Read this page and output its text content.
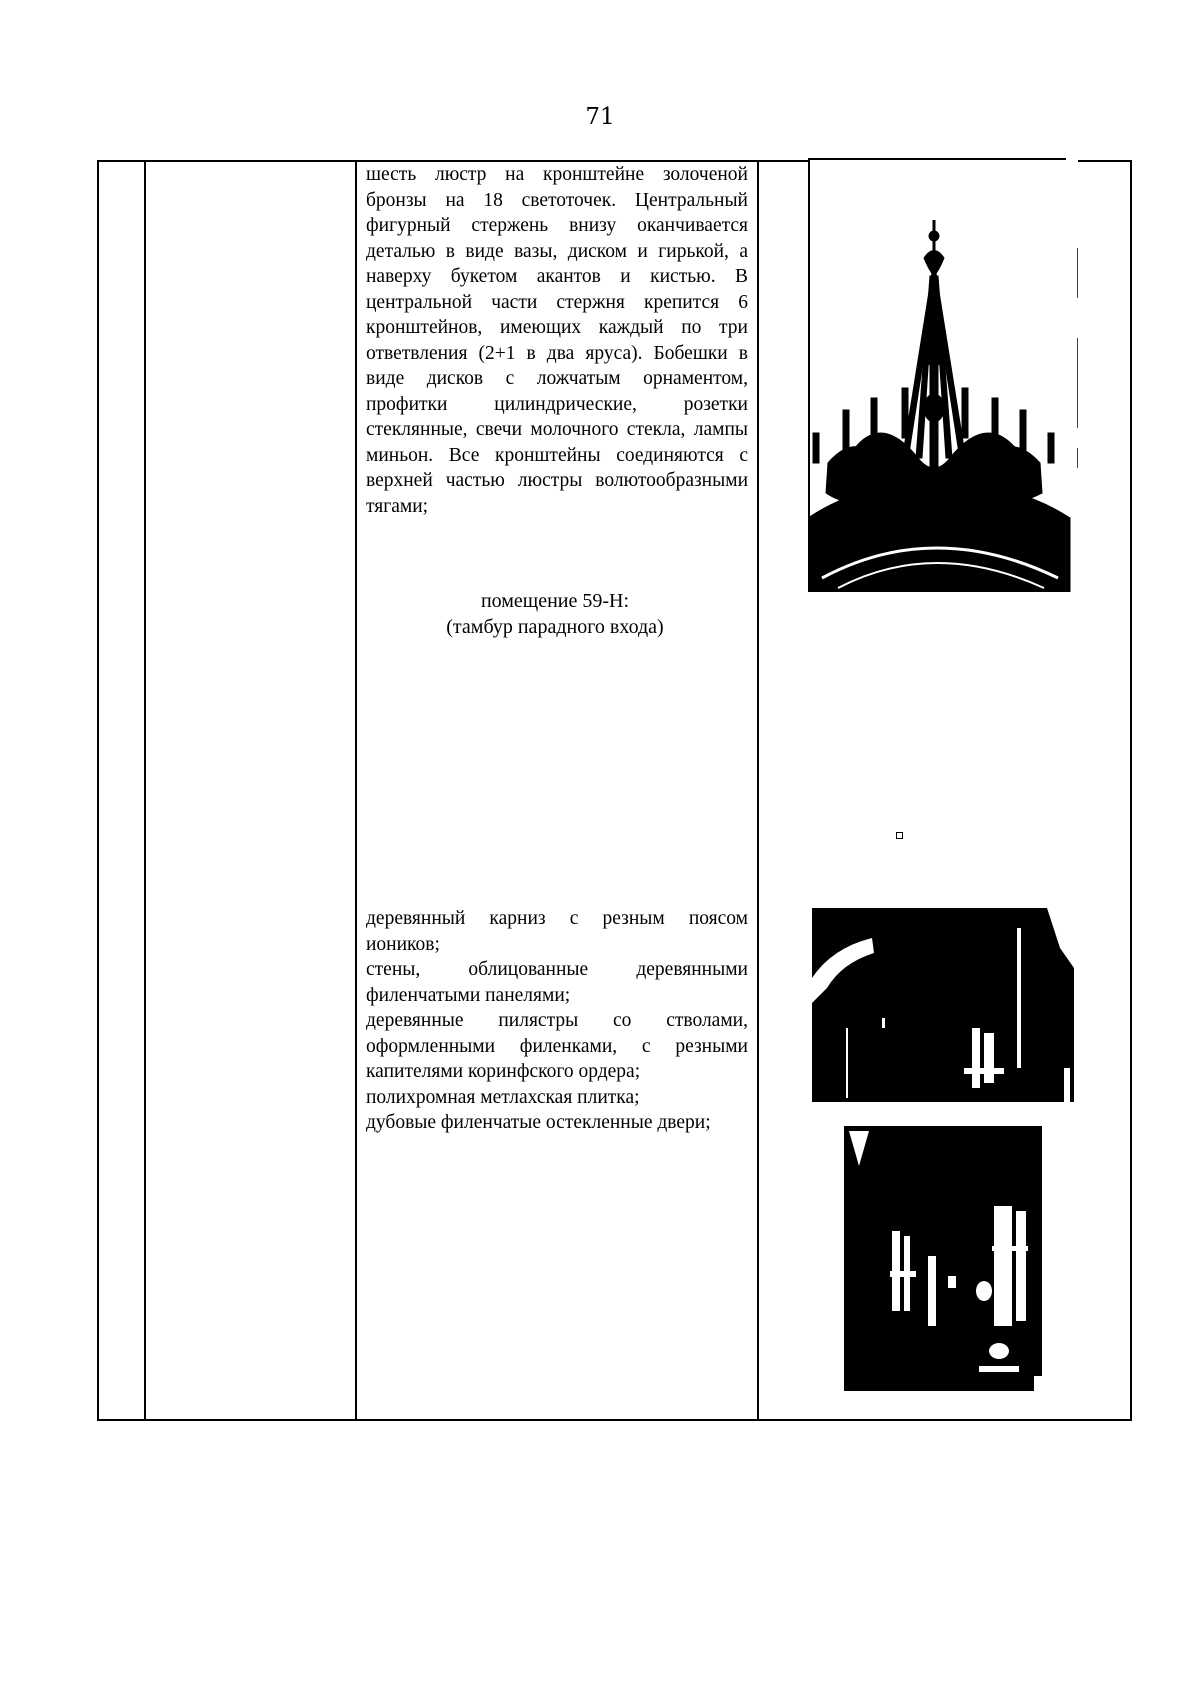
71

шесть люстр на кронштейне золоченой бронзы на 18 светоточек. Центральный фигурный стержень внизу оканчивается деталью в виде вазы, диском и гирькой, а наверху букетом акантов и кистью. В центральной части стержня крепится 6 кронштейнов, имеющих каждый по три ответвления (2+1 в два яруса). Бобешки в виде дисков с ложчатым орнаментом, профитки цилиндрические, розетки стеклянные, свечи молочного стекла, лампы миньон. Все кронштейны соединяются с верхней частью люстры волютообразными тягами;

помещение 59-Н:
(тамбур парадного входа)

деревянный карниз с резным поясом иоников;

стены, облицованные деревянными филенчатыми панелями;

деревянные пилястры со стволами, оформленными филенками, с резными капителями коринфского ордера;

полихромная метлахская плитка;

дубовые филенчатые остекленные двери;
